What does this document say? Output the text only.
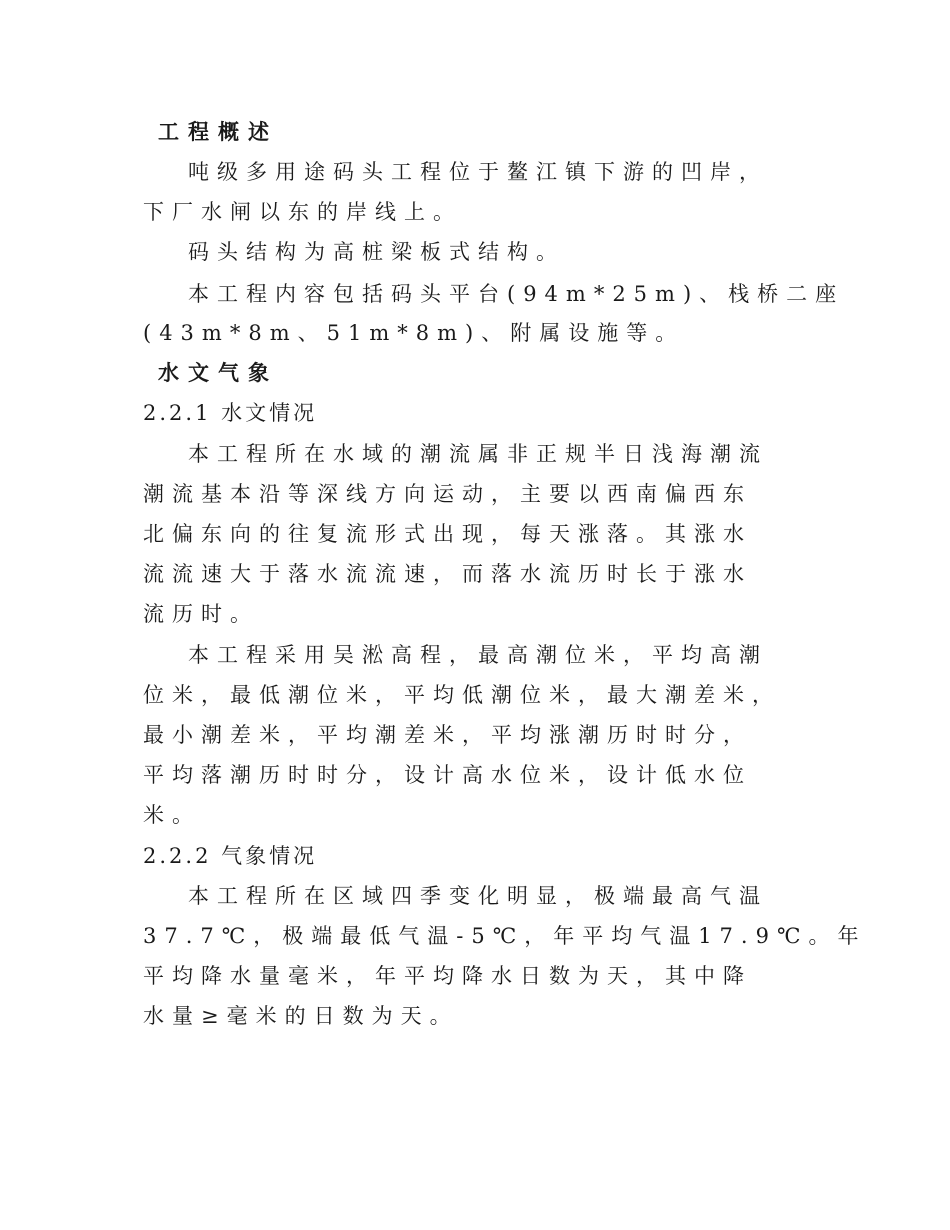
工程概述
吨级多用途码头工程位于鳌江镇下游的凹岸，
下厂水闸以东的岸线上。
码头结构为高桩梁板式结构。
本工程内容包括码头平台(94m*25m)、栈桥二座
(43m*8m、51m*8m)、附属设施等。
水文气象
2.2.1 水文情况
本工程所在水域的潮流属非正规半日浅海潮流
潮流基本沿等深线方向运动，主要以西南偏西东
北偏东向的往复流形式出现，每天涨落。其涨水
流流速大于落水流流速，而落水流历时长于涨水
流历时。
本工程采用吴淞高程，最高潮位米，平均高潮
位米，最低潮位米，平均低潮位米，最大潮差米，
最小潮差米，平均潮差米，平均涨潮历时时分，
平均落潮历时时分，设计高水位米，设计低水位
米。
2.2.2 气象情况
本工程所在区域四季变化明显，极端最高气温
37.7℃，极端最低气温-5℃，年平均气温17.9℃。年
平均降水量毫米，年平均降水日数为天，其中降
水量≥毫米的日数为天。
